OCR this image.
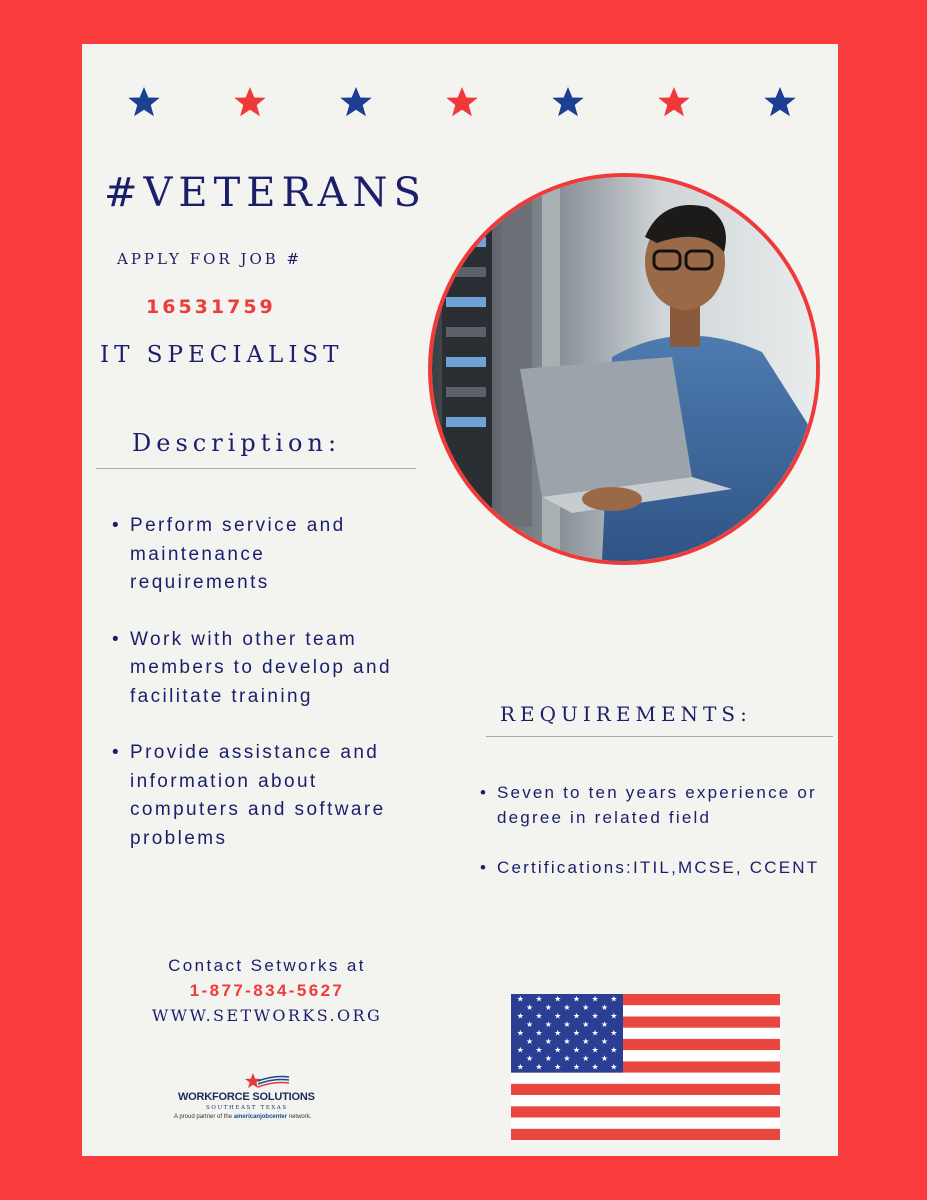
#VETERANS
APPLY FOR JOB #
16531759
IT SPECIALIST
Description:
• Perform service and maintenance requirements
• Work with other team members to develop and facilitate training
• Provide assistance and information about computers and software problems
REQUIREMENTS:
• Seven to ten years experience or degree in related field
• Certifications:ITIL,MCSE, CCENT
Contact Setworks at
1-877-834-5627
WWW.SETWORKS.ORG
WORKFORCE SOLUTIONS
SOUTHEAST TEXAS
A proud partner of the americanjobcenter network.
★ ★ ★ ★ ★ ★
★ ★ ★ ★ ★
★ ★ ★ ★ ★ ★
★ ★ ★ ★ ★
★ ★ ★ ★ ★ ★
★ ★ ★ ★ ★
★ ★ ★ ★ ★ ★
★ ★ ★ ★ ★
★ ★ ★ ★ ★ ★
